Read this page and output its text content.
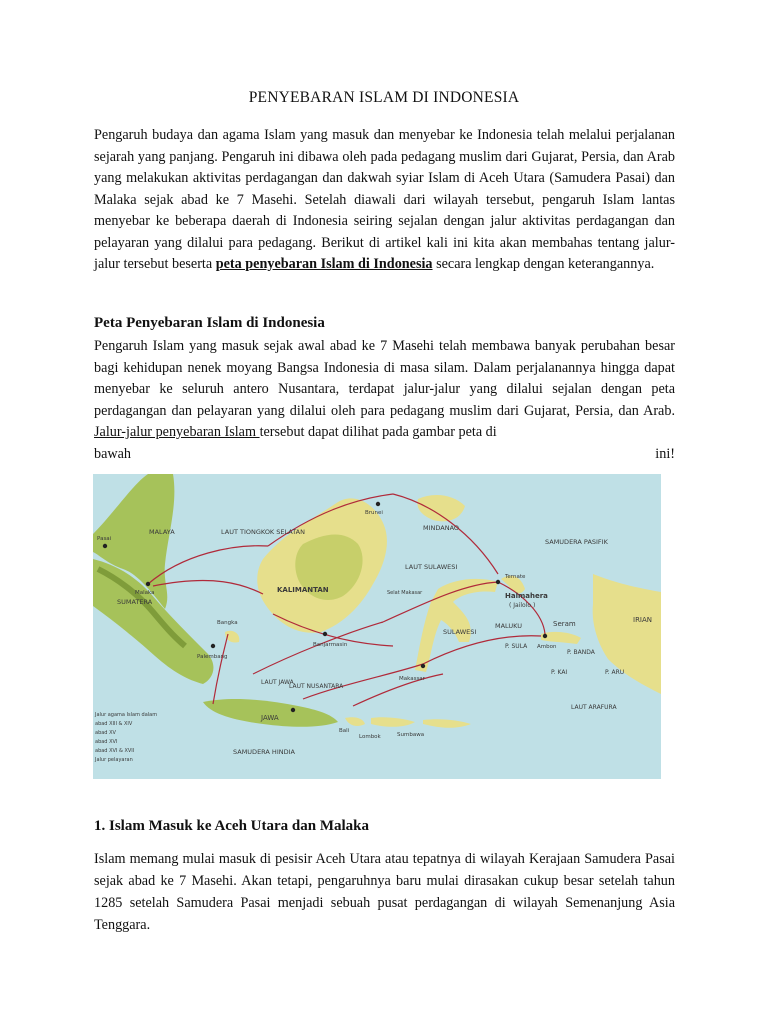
PENYEBARAN ISLAM DI INDONESIA

Pengaruh budaya dan agama Islam yang masuk dan menyebar ke Indonesia telah melalui perjalanan sejarah yang panjang. Pengaruh ini dibawa oleh pada pedagang muslim dari Gujarat, Persia, dan Arab yang melakukan aktivitas perdagangan dan dakwah syiar Islam di Aceh Utara (Samudera Pasai) dan Malaka sejak abad ke 7 Masehi. Setelah diawali dari wilayah tersebut, pengaruh Islam lantas menyebar ke beberapa daerah di Indonesia seiring sejalan dengan jalur aktivitas perdagangan dan pelayaran yang dilalui para pedagang. Berikut di artikel kali ini kita akan membahas tentang jalur-jalur tersebut beserta peta penyebaran Islam di Indonesia secara lengkap dengan keterangannya.

Peta Penyebaran Islam di Indonesia
Pengaruh Islam yang masuk sejak awal abad ke 7 Masehi telah membawa banyak perubahan besar bagi kehidupan nenek moyang Bangsa Indonesia di masa silam. Dalam perjalanannya hingga dapat menyebar ke seluruh antero Nusantara, terdapat jalur-jalur yang dilalui sejalan dengan peta perdagangan dan pelayaran yang dilalui oleh para pedagang muslim dari Gujarat, Persia, dan Arab. Jalur-jalur penyebaran Islam tersebut dapat dilihat pada gambar peta di
bawah	ini!
LAUT TIONGKOK SELATAN
SAMUDERA PASIFIK
LAUT SULAWESI
MINDANAO
Halmahera
( Jailolo )
KALIMANTAN
MALAYA
SUMATERA
MALUKU
SULAWESI
P. SULA
Seram
P. BANDA
P. KAI	P. ARU
IRIAN
LAUT JAWA
LAUT NUSANTARA
JAWA
LAUT ARAFURA
SAMUDERA HINDIA
Bali
Lombok	Sumbawa
Makassar
Ternate
Ambon
Bangka
Palembang
Banjarmasin
Malaka
Pasai
Brunei
Selat Makasar
Jalur agama Islam dalam
abad XIII & XIV
abad XV
abad XVI
abad XVI & XVII
Jalur pelayaran
1. Islam Masuk ke Aceh Utara dan Malaka

Islam memang mulai masuk di pesisir Aceh Utara atau tepatnya di wilayah Kerajaan Samudera Pasai sejak abad ke 7 Masehi. Akan tetapi, pengaruhnya baru mulai dirasakan cukup besar setelah tahun 1285 setelah Samudera Pasai menjadi sebuah pusat perdagangan di wilayah Semenanjung Asia Tenggara.
